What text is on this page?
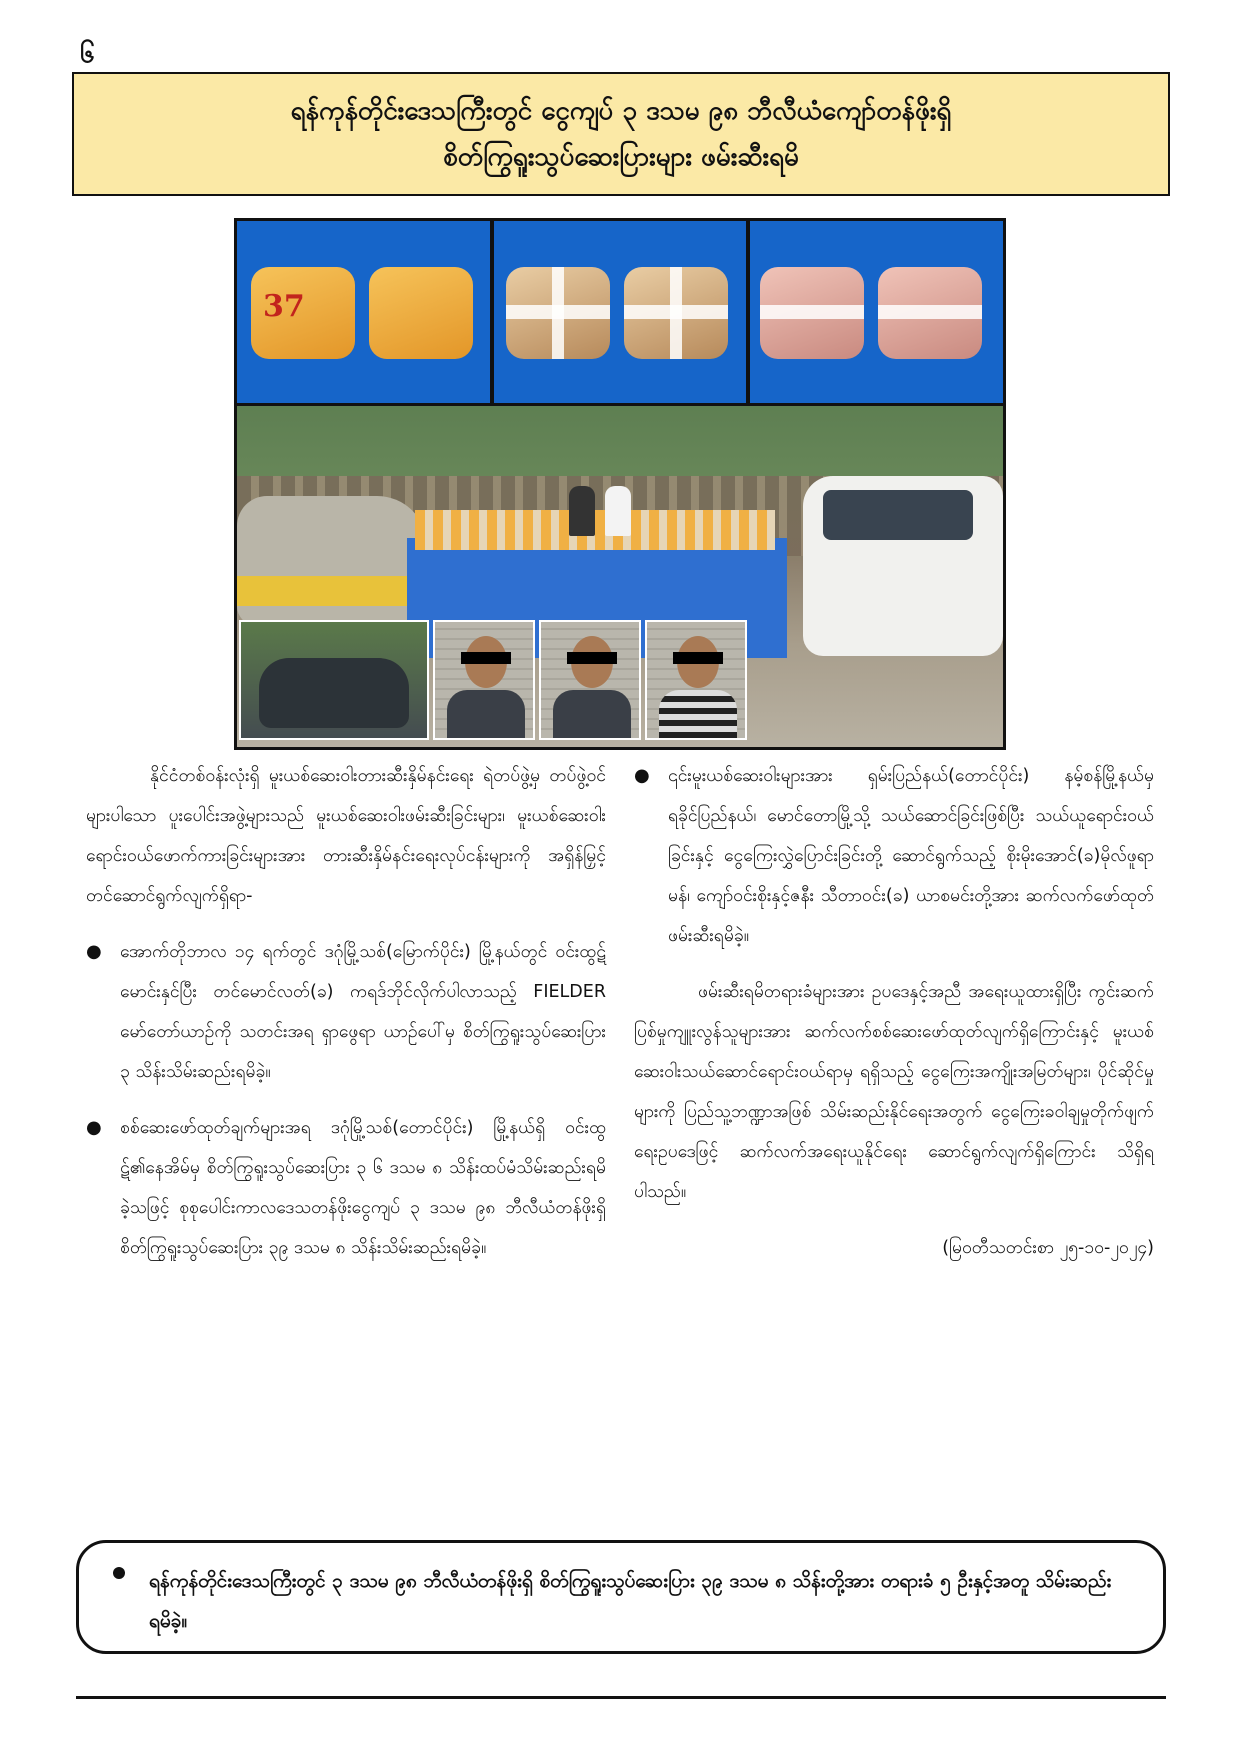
၆
ရန်ကုန်တိုင်းဒေသကြီးတွင် ငွေကျပ် ၃ ဒသမ ၉၈ ဘီလီယံကျော်တန်ဖိုးရှိ
စိတ်ကြွရူးသွပ်ဆေးပြားများ ဖမ်းဆီးရမိ
37

နိုင်ငံတစ်ဝန်းလုံးရှိ မူးယစ်ဆေးဝါးတားဆီးနှိမ်နင်းရေး ရဲတပ်ဖွဲ့မှ တပ်ဖွဲ့ဝင်များပါသော ပူးပေါင်းအဖွဲ့များသည် မူးယစ်ဆေးဝါးဖမ်းဆီးခြင်းများ၊ မူးယစ်ဆေးဝါးရောင်းဝယ်ဖောက်ကားခြင်းများအား တားဆီးနှိမ်နင်းရေးလုပ်ငန်းများကို အရှိန်မြှင့်တင်ဆောင်ရွက်လျက်ရှိရာ-

● အောက်တိုဘာလ ၁၄ ရက်တွင် ဒဂုံမြို့သစ်(မြောက်ပိုင်း) မြို့နယ်တွင် ဝင်းထွဋ်မောင်းနှင်ပြီး တင်မောင်လတ်(ခ) ကရဒ်ဘိုင်လိုက်ပါလာသည့် FIELDER မော်တော်ယာဉ်ကို သတင်းအရ ရှာဖွေရာ ယာဉ်ပေါ်မှ စိတ်ကြွရူးသွပ်ဆေးပြား ၃ သိန်းသိမ်းဆည်းရမိခဲ့။
● စစ်ဆေးဖော်ထုတ်ချက်များအရ ဒဂုံမြို့သစ်(တောင်ပိုင်း) မြို့နယ်ရှိ ဝင်းထွဋ်၏နေအိမ်မှ စိတ်ကြွရူးသွပ်ဆေးပြား ၃ ၆ ဒသမ ၈ သိန်းထပ်မံသိမ်းဆည်းရမိခဲ့သဖြင့် စုစုပေါင်းကာလဒေသတန်ဖိုးငွေကျပ် ၃ ဒသမ ၉၈ ဘီလီယံတန်ဖိုးရှိ စိတ်ကြွရူးသွပ်ဆေးပြား ၃၉ ဒသမ ၈ သိန်းသိမ်းဆည်းရမိခဲ့။
● ၎င်းမူးယစ်ဆေးဝါးများအား ရှမ်းပြည်နယ်(တောင်ပိုင်း) နမ့်စန်မြို့နယ်မှ ရခိုင်ပြည်နယ်၊ မောင်တောမြို့သို့ သယ်ဆောင်ခြင်းဖြစ်ပြီး သယ်ယူရောင်းဝယ်ခြင်းနှင့် ငွေကြေးလွှဲပြောင်းခြင်းတို့ ဆောင်ရွက်သည့် စိုးမိုးအောင်(ခ)မိုလ်ဖူရာမန်၊ ကျော်ဝင်းစိုးနှင့်ဇနီး သီတာဝင်း(ခ) ယာစမင်းတို့အား ဆက်လက်ဖော်ထုတ်ဖမ်းဆီးရမိခဲ့။

ဖမ်းဆီးရမိတရားခံများအား ဥပဒေနှင့်အညီ အရေးယူထားရှိပြီး ကွင်းဆက်ပြစ်မှုကျူးလွန်သူများအား ဆက်လက်စစ်ဆေးဖော်ထုတ်လျက်ရှိကြောင်းနှင့် မူးယစ်ဆေးဝါးသယ်ဆောင်ရောင်းဝယ်ရာမှ ရရှိသည့် ငွေကြေးအကျိုးအမြတ်များ၊ ပိုင်ဆိုင်မှုများကို ပြည်သူ့ဘဏ္ဍာအဖြစ် သိမ်းဆည်းနိုင်ရေးအတွက် ငွေကြေးခဝါချမှုတိုက်ဖျက်ရေးဥပဒေဖြင့် ဆက်လက်အရေးယူနိုင်ရေး ဆောင်ရွက်လျက်ရှိကြောင်း သိရှိရပါသည်။

(မြဝတီသတင်းစာ ၂၅-၁၀-၂၀၂၄)

ရန်ကုန်တိုင်းဒေသကြီးတွင် ၃ ဒသမ ၉၈ ဘီလီယံတန်ဖိုးရှိ စိတ်ကြွရူးသွပ်ဆေးပြား ၃၉ ဒသမ ၈ သိန်းတို့အား တရားခံ ၅ ဦးနှင့်အတူ သိမ်းဆည်းရမိခဲ့။
